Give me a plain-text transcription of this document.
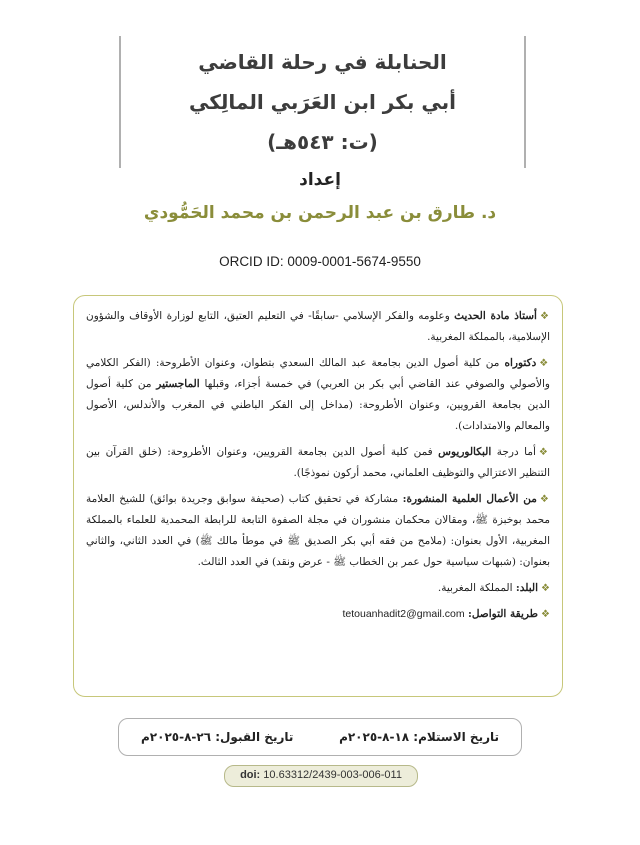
الحنابلة في رحلة القاضي

أبي بكر ابن العَرَبي المالِكي

(ت: ٥٤٣هـ)

إعداد
د. طارق بن عبد الرحمن بن محمد الحَمُّودي
ORCID ID: 0009-0001-5674-9550

❖أستاذ مادة الحديث وعلومه والفكر الإسلامي -سابقًا- في التعليم العتيق، التابع لوزارة الأوقاف والشؤون الإسلامية، بالمملكة المغربية.

❖دكتوراه من كلية أصول الدين بجامعة عبد المالك السعدي بتطوان، وعنوان الأطروحة: (الفكر الكلامي والأصولي والصوفي عند القاضي أبي بكر بن العربي) في خمسة أجزاء، وقبلها الماجستير من كلية أصول الدين بجامعة القرويين، وعنوان الأطروحة: (مداخل إلى الفكر الباطني في المغرب والأندلس، الأصول والمعالم والامتدادات).

❖أما درجة البكالوريوس فمن كلية أصول الدين بجامعة القرويين، وعنوان الأطروحة: (خلق القرآن بين التنظير الاعتزالي والتوظيف العلماني، محمد أركون نموذجًا).

❖من الأعمال العلمية المنشورة: مشاركة في تحقيق كتاب (صحيفة سوابق وجريدة بوائق) للشيخ العلامة محمد بوخبزة ﷺ، ومقالان محكمان منشوران في مجلة الصفوة التابعة للرابطة المحمدية للعلماء بالمملكة المغربية، الأول بعنوان: (ملامح من فقه أبي بكر الصديق ﷺ في موطأ مالك ﷺ) في العدد الثاني، والثاني بعنوان: (شبهات سياسية حول عمر بن الخطاب ﷺ - عرض ونقد) في العدد الثالث.

❖البلد: المملكة المغربية.

❖طريقة التواصل: tetouanhadit2@gmail.com

تاريخ الاستلام: ١٨-٨-٢٠٢٥م
تاريخ القبول: ٢٦-٨-٢٠٢٥م
doi: 10.63312/2439-003-006-011
